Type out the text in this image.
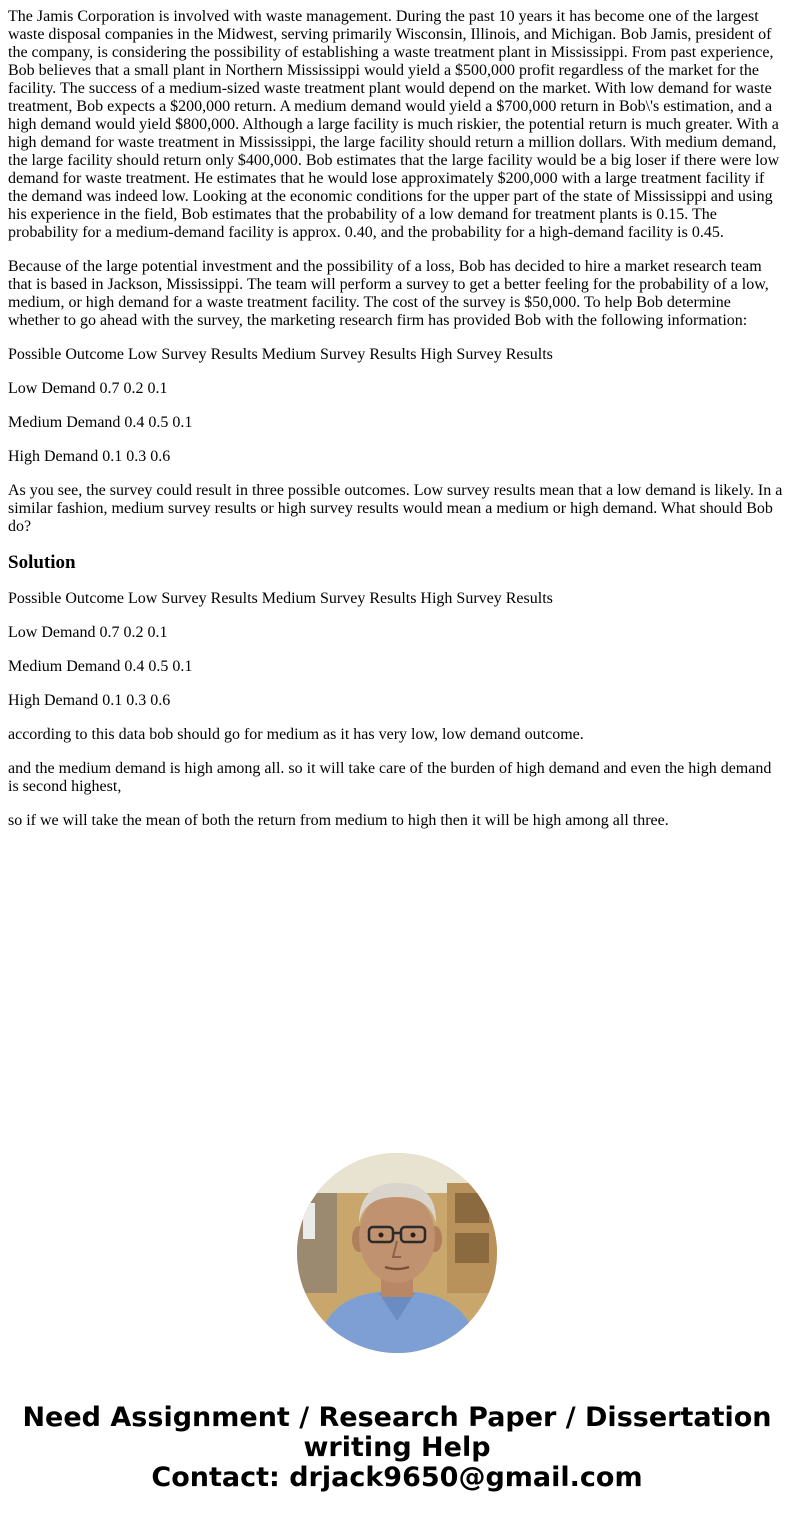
The Jamis Corporation is involved with waste management. During the past 10 years it has become one of the largest waste disposal companies in the Midwest, serving primarily Wisconsin, Illinois, and Michigan. Bob Jamis, president of the company, is considering the possibility of establishing a waste treatment plant in Mississippi. From past experience, Bob believes that a small plant in Northern Mississippi would yield a $500,000 profit regardless of the market for the facility. The success of a medium-sized waste treatment plant would depend on the market. With low demand for waste treatment, Bob expects a $200,000 return. A medium demand would yield a $700,000 return in Bob\'s estimation, and a high demand would yield $800,000. Although a large facility is much riskier, the potential return is much greater. With a high demand for waste treatment in Mississippi, the large facility should return a million dollars. With medium demand, the large facility should return only $400,000. Bob estimates that the large facility would be a big loser if there were low demand for waste treatment. He estimates that he would lose approximately $200,000 with a large treatment facility if the demand was indeed low. Looking at the economic conditions for the upper part of the state of Mississippi and using his experience in the field, Bob estimates that the probability of a low demand for treatment plants is 0.15. The probability for a medium-demand facility is approx. 0.40, and the probability for a high-demand facility is 0.45.

Because of the large potential investment and the possibility of a loss, Bob has decided to hire a market research team that is based in Jackson, Mississippi. The team will perform a survey to get a better feeling for the probability of a low, medium, or high demand for a waste treatment facility. The cost of the survey is $50,000. To help Bob determine whether to go ahead with the survey, the marketing research firm has provided Bob with the following information:

Possible Outcome Low Survey Results Medium Survey Results High Survey Results

Low Demand 0.7 0.2 0.1

Medium Demand 0.4 0.5 0.1

High Demand 0.1 0.3 0.6

As you see, the survey could result in three possible outcomes. Low survey results mean that a low demand is likely. In a similar fashion, medium survey results or high survey results would mean a medium or high demand. What should Bob do?

Solution

Possible Outcome Low Survey Results Medium Survey Results High Survey Results

Low Demand 0.7 0.2 0.1

Medium Demand 0.4 0.5 0.1

High Demand 0.1 0.3 0.6

according to this data bob should go for medium as it has very low, low demand outcome.

and the medium demand is high among all. so it will take care of the burden of high demand and even the high demand is second highest,

so if we will take the mean of both the return from medium to high then it will be high among all three.

Need Assignment / Research Paper / Dissertation
writing Help
Contact: drjack9650@gmail.com
